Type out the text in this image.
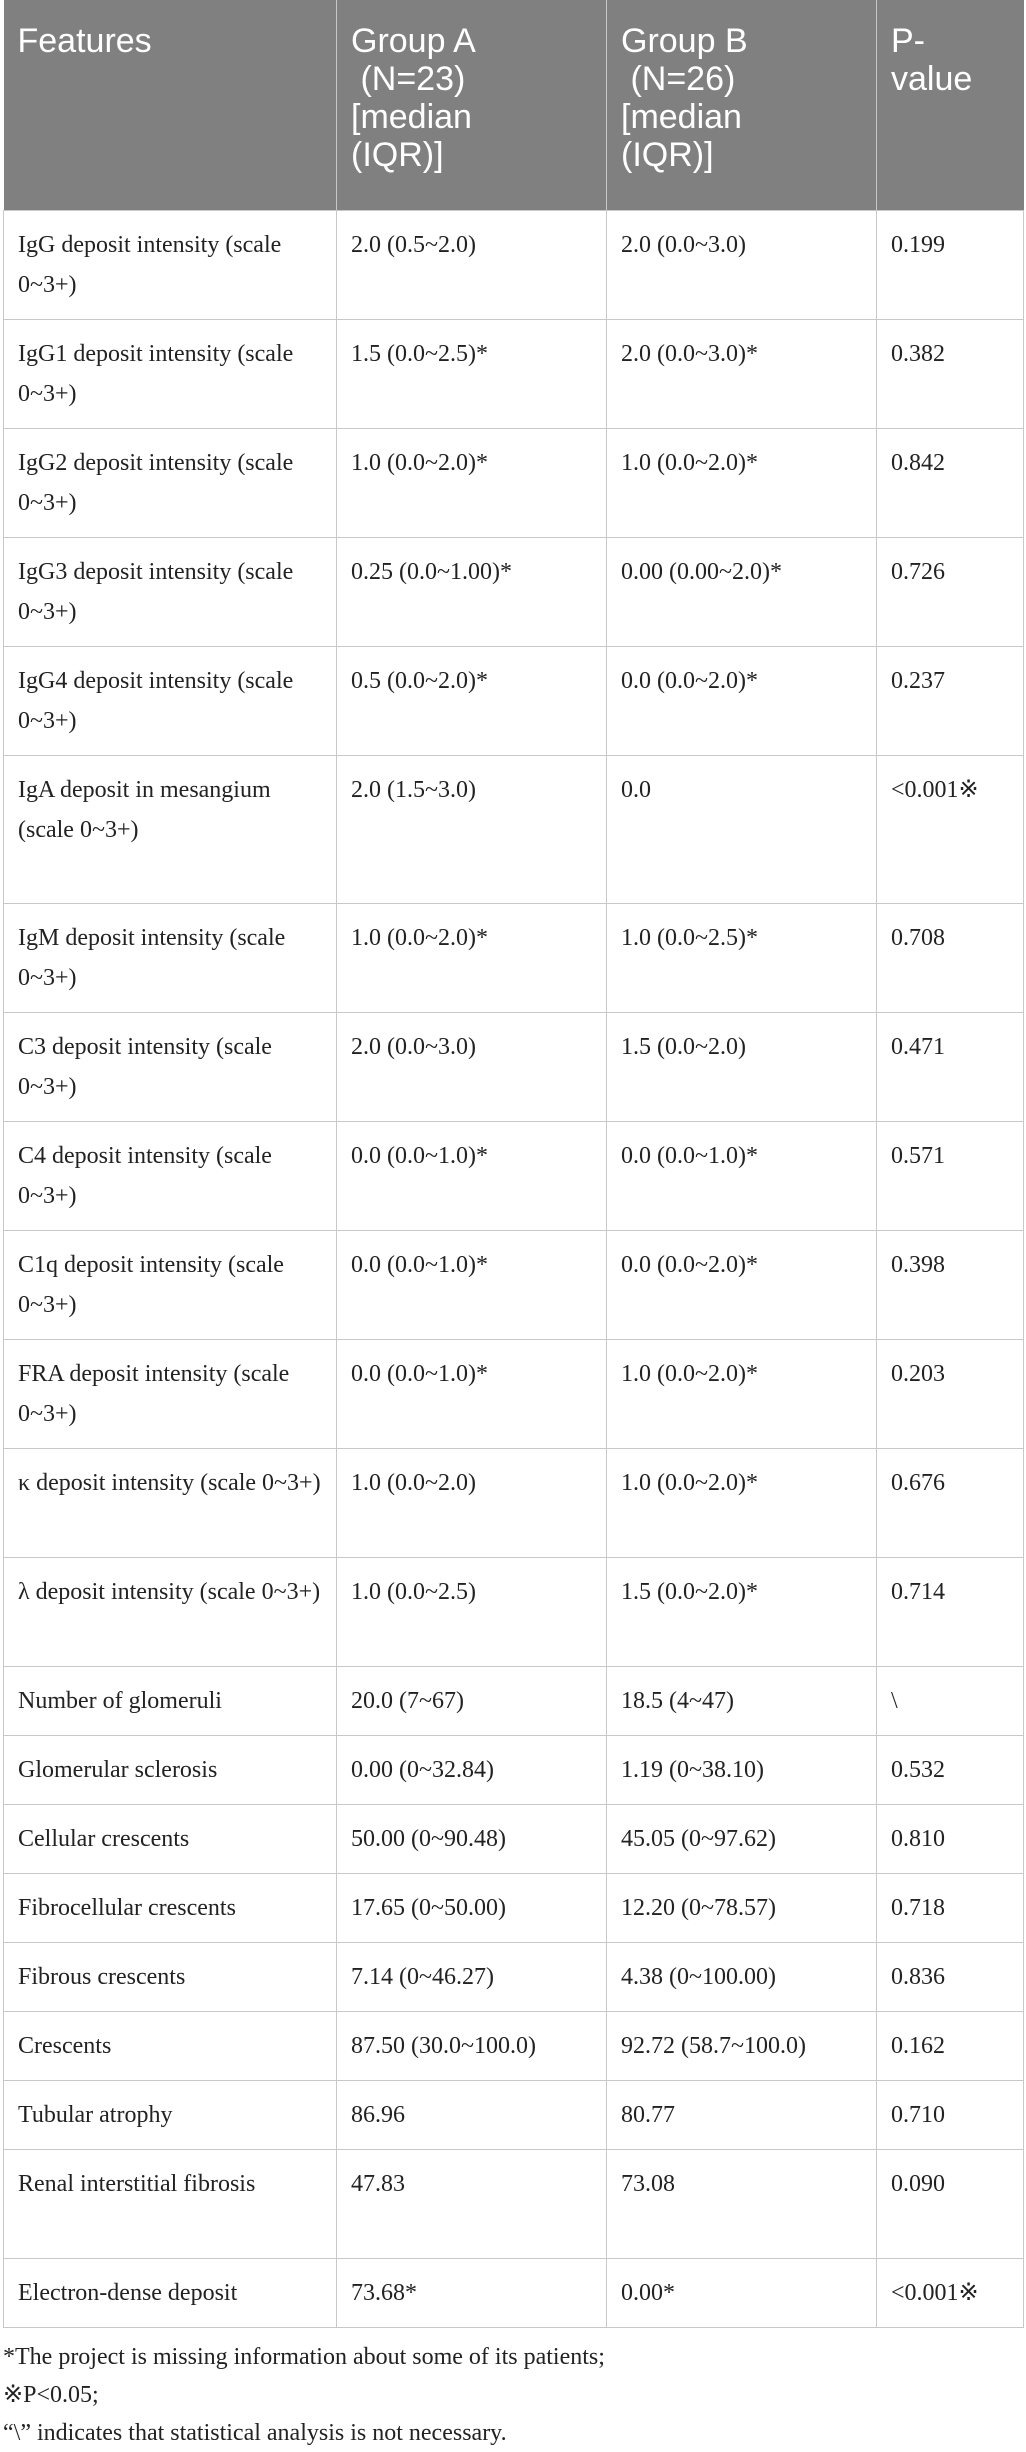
Features	Group A
(N=23)
[median
(IQR)]	Group B
(N=26)
[median
(IQR)]	P-
value
IgG deposit intensity (scale 0~3+)	2.0 (0.5~2.0)	2.0 (0.0~3.0)	0.199
IgG1 deposit intensity (scale 0~3+)	1.5 (0.0~2.5)*	2.0 (0.0~3.0)*	0.382
IgG2 deposit intensity (scale 0~3+)	1.0 (0.0~2.0)*	1.0 (0.0~2.0)*	0.842
IgG3 deposit intensity (scale 0~3+)	0.25 (0.0~1.00)*	0.00 (0.00~2.0)*	0.726
IgG4 deposit intensity (scale 0~3+)	0.5 (0.0~2.0)*	0.0 (0.0~2.0)*	0.237
IgA deposit in mesangium (scale 0~3+)	2.0 (1.5~3.0)	0.0	<0.001※
IgM deposit intensity (scale 0~3+)	1.0 (0.0~2.0)*	1.0 (0.0~2.5)*	0.708
C3 deposit intensity (scale 0~3+)	2.0 (0.0~3.0)	1.5 (0.0~2.0)	0.471
C4 deposit intensity (scale 0~3+)	0.0 (0.0~1.0)*	0.0 (0.0~1.0)*	0.571
C1q deposit intensity (scale 0~3+)	0.0 (0.0~1.0)*	0.0 (0.0~2.0)*	0.398
FRA deposit intensity (scale 0~3+)	0.0 (0.0~1.0)*	1.0 (0.0~2.0)*	0.203
κ deposit intensity (scale 0~3+)	1.0 (0.0~2.0)	1.0 (0.0~2.0)*	0.676
λ deposit intensity (scale 0~3+)	1.0 (0.0~2.5)	1.5 (0.0~2.0)*	0.714
Number of glomeruli	20.0 (7~67)	18.5 (4~47)	\
Glomerular sclerosis	0.00 (0~32.84)	1.19 (0~38.10)	0.532
Cellular crescents	50.00 (0~90.48)	45.05 (0~97.62)	0.810
Fibrocellular crescents	17.65 (0~50.00)	12.20 (0~78.57)	0.718
Fibrous crescents	7.14 (0~46.27)	4.38 (0~100.00)	0.836
Crescents	87.50 (30.0~100.0)	92.72 (58.7~100.0)	0.162
Tubular atrophy	86.96	80.77	0.710
Renal interstitial fibrosis	47.83	73.08	0.090
Electron-dense deposit	73.68*	0.00*	<0.001※
*The project is missing information about some of its patients;
※P<0.05;
“\” indicates that statistical analysis is not necessary.
